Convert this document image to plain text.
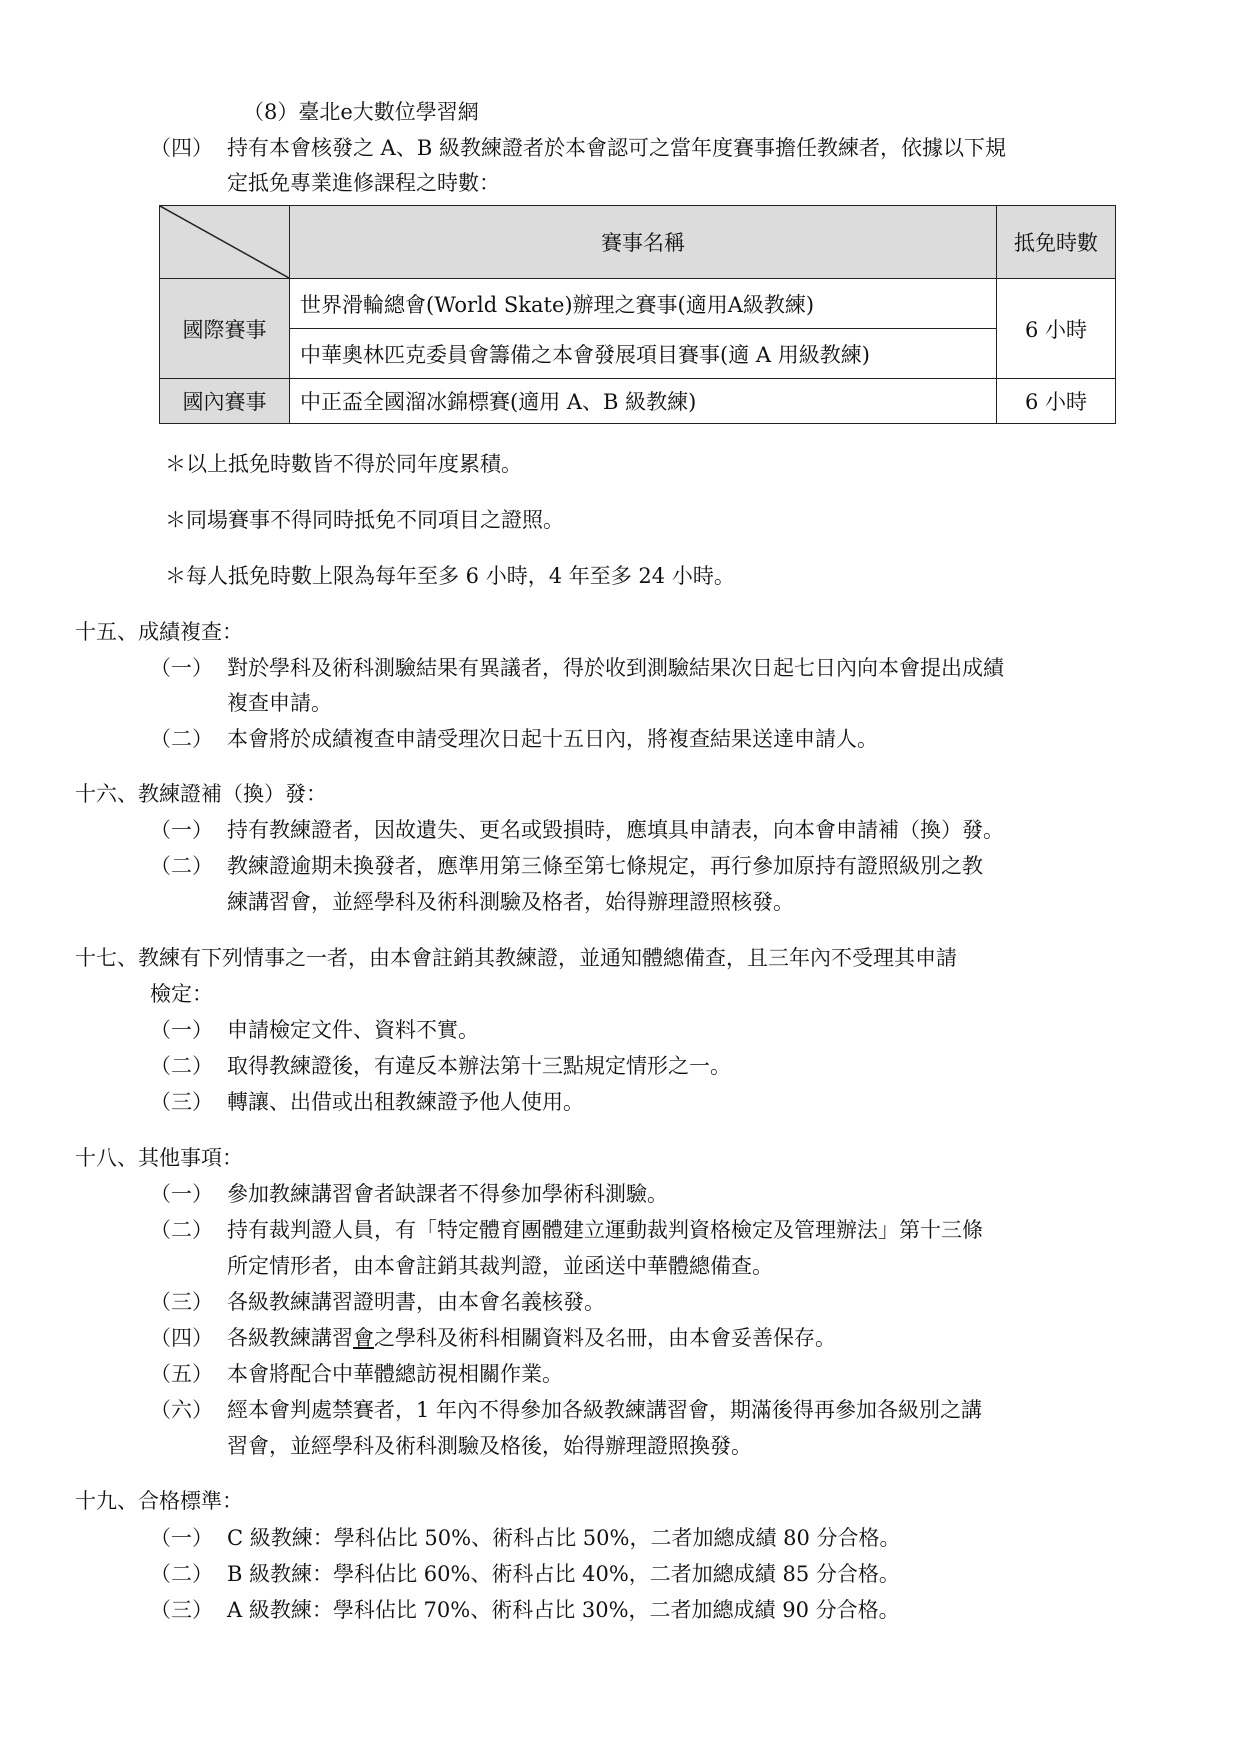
（8）臺北e大數位學習網
（四） 持有本會核發之 A、B 級教練證者於本會認可之當年度賽事擔任教練者，依據以下規
定抵免專業進修課程之時數：
	賽事名稱	抵免時數
國際賽事	世界滑輪總會(World Skate)辦理之賽事(適用A級教練)	6 小時
	中華奧林匹克委員會籌備之本會發展項目賽事(適 A 用級教練)	
國內賽事	中正盃全國溜冰錦標賽(適用 A、B 級教練)	6 小時
＊以上抵免時數皆不得於同年度累積。
＊同場賽事不得同時抵免不同項目之證照。
＊每人抵免時數上限為每年至多 6 小時，4 年至多 24 小時。
十五、成績複查：
（一） 對於學科及術科測驗結果有異議者，得於收到測驗結果次日起七日內向本會提出成績
複查申請。
（二） 本會將於成績複查申請受理次日起十五日內，將複查結果送達申請人。
十六、教練證補（換）發：
（一） 持有教練證者，因故遺失、更名或毀損時，應填具申請表，向本會申請補（換）發。
（二） 教練證逾期未換發者，應準用第三條至第七條規定，再行參加原持有證照級別之教
練講習會，並經學科及術科測驗及格者，始得辦理證照核發。
十七、教練有下列情事之一者，由本會註銷其教練證，並通知體總備查，且三年內不受理其申請
檢定：
（一） 申請檢定文件、資料不實。
（二） 取得教練證後，有違反本辦法第十三點規定情形之一。
（三） 轉讓、出借或出租教練證予他人使用。
十八、其他事項：
（一） 參加教練講習會者缺課者不得參加學術科測驗。
（二） 持有裁判證人員，有「特定體育團體建立運動裁判資格檢定及管理辦法」第十三條
所定情形者，由本會註銷其裁判證，並函送中華體總備查。
（三） 各級教練講習證明書，由本會名義核發。
（四） 各級教練講習會之學科及術科相關資料及名冊，由本會妥善保存。
（五） 本會將配合中華體總訪視相關作業。
（六） 經本會判處禁賽者，1 年內不得參加各級教練講習會，期滿後得再參加各級別之講
習會，並經學科及術科測驗及格後，始得辦理證照換發。
十九、合格標準：
（一） C 級教練：學科佔比 50%、術科占比 50%，二者加總成績 80 分合格。
（二） B 級教練：學科佔比 60%、術科占比 40%，二者加總成績 85 分合格。
（三） A 級教練：學科佔比 70%、術科占比 30%，二者加總成績 90 分合格。
